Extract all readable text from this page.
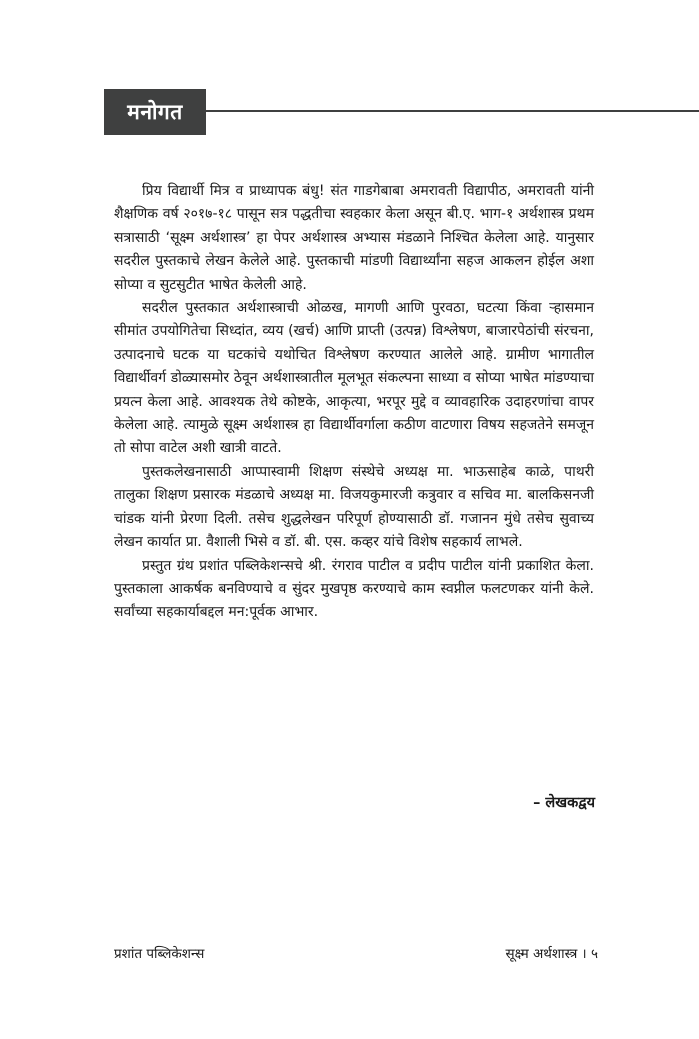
मनोगत

प्रिय विद्यार्थी मित्र व प्राध्यापक बंधु! संत गाडगेबाबा अमरावती विद्यापीठ, अमरावती यांनी शैक्षणिक वर्ष २०१७-१८ पासून सत्र पद्धतीचा स्वहकार केला असून बी.ए. भाग-१ अर्थशास्त्र प्रथम सत्रासाठी ‘सूक्ष्म अर्थशास्त्र’ हा पेपर अर्थशास्त्र अभ्यास मंडळाने निश्चित केलेला आहे. यानुसार सदरील पुस्तकाचे लेखन केलेले आहे. पुस्तकाची मांडणी विद्यार्थ्यांना सहज आकलन होईल अशा सोप्या व सुटसुटीत भाषेत केलेली आहे.

सदरील पुस्तकात अर्थशास्त्राची ओळख, मागणी आणि पुरवठा, घटत्या किंवा ऱ्हासमान सीमांत उपयोगितेचा सिध्दांत, व्यय (खर्च) आणि प्राप्ती (उत्पन्न) विश्लेषण, बाजारपेठांची संरचना, उत्पादनाचे घटक या घटकांचे यथोचित विश्लेषण करण्यात आलेले आहे. ग्रामीण भागातील विद्यार्थीवर्ग डोळ्यासमोर ठेवून अर्थशास्त्रातील मूलभूत संकल्पना साध्या व सोप्या भाषेत मांडण्याचा प्रयत्न केला आहे. आवश्यक तेथे कोष्टके, आकृत्या, भरपूर मुद्दे व व्यावहारिक उदाहरणांचा वापर केलेला आहे. त्यामुळे सूक्ष्म अर्थशास्त्र हा विद्यार्थीवर्गाला कठीण वाटणारा विषय सहजतेने समजून तो सोपा वाटेल अशी खात्री वाटते.

पुस्तकलेखनासाठी आप्पास्वामी शिक्षण संस्थेचे अध्यक्ष मा. भाऊसाहेब काळे, पाथरी तालुका शिक्षण प्रसारक मंडळाचे अध्यक्ष मा. विजयकुमारजी कत्रुवार व सचिव मा. बालकिसनजी चांडक यांनी प्रेरणा दिली. तसेच शुद्धलेखन परिपूर्ण होण्यासाठी डॉ. गजानन मुंधे तसेच सुवाच्य लेखन कार्यात प्रा. वैशाली भिसे व डॉ. बी. एस. कव्हर यांचे विशेष सहकार्य लाभले.

प्रस्तुत ग्रंथ प्रशांत पब्लिकेशन्सचे श्री. रंगराव पाटील व प्रदीप पाटील यांनी प्रकाशित केला. पुस्तकाला आकर्षक बनविण्याचे व सुंदर मुखपृष्ठ करण्याचे काम स्वप्नील फलटणकर यांनी केले. सर्वांच्या सहकार्याबद्दल मन:पूर्वक आभार.

– लेखकद्वय
प्रशांत पब्लिकेशन्स	सूक्ष्म अर्थशास्त्र । ५
